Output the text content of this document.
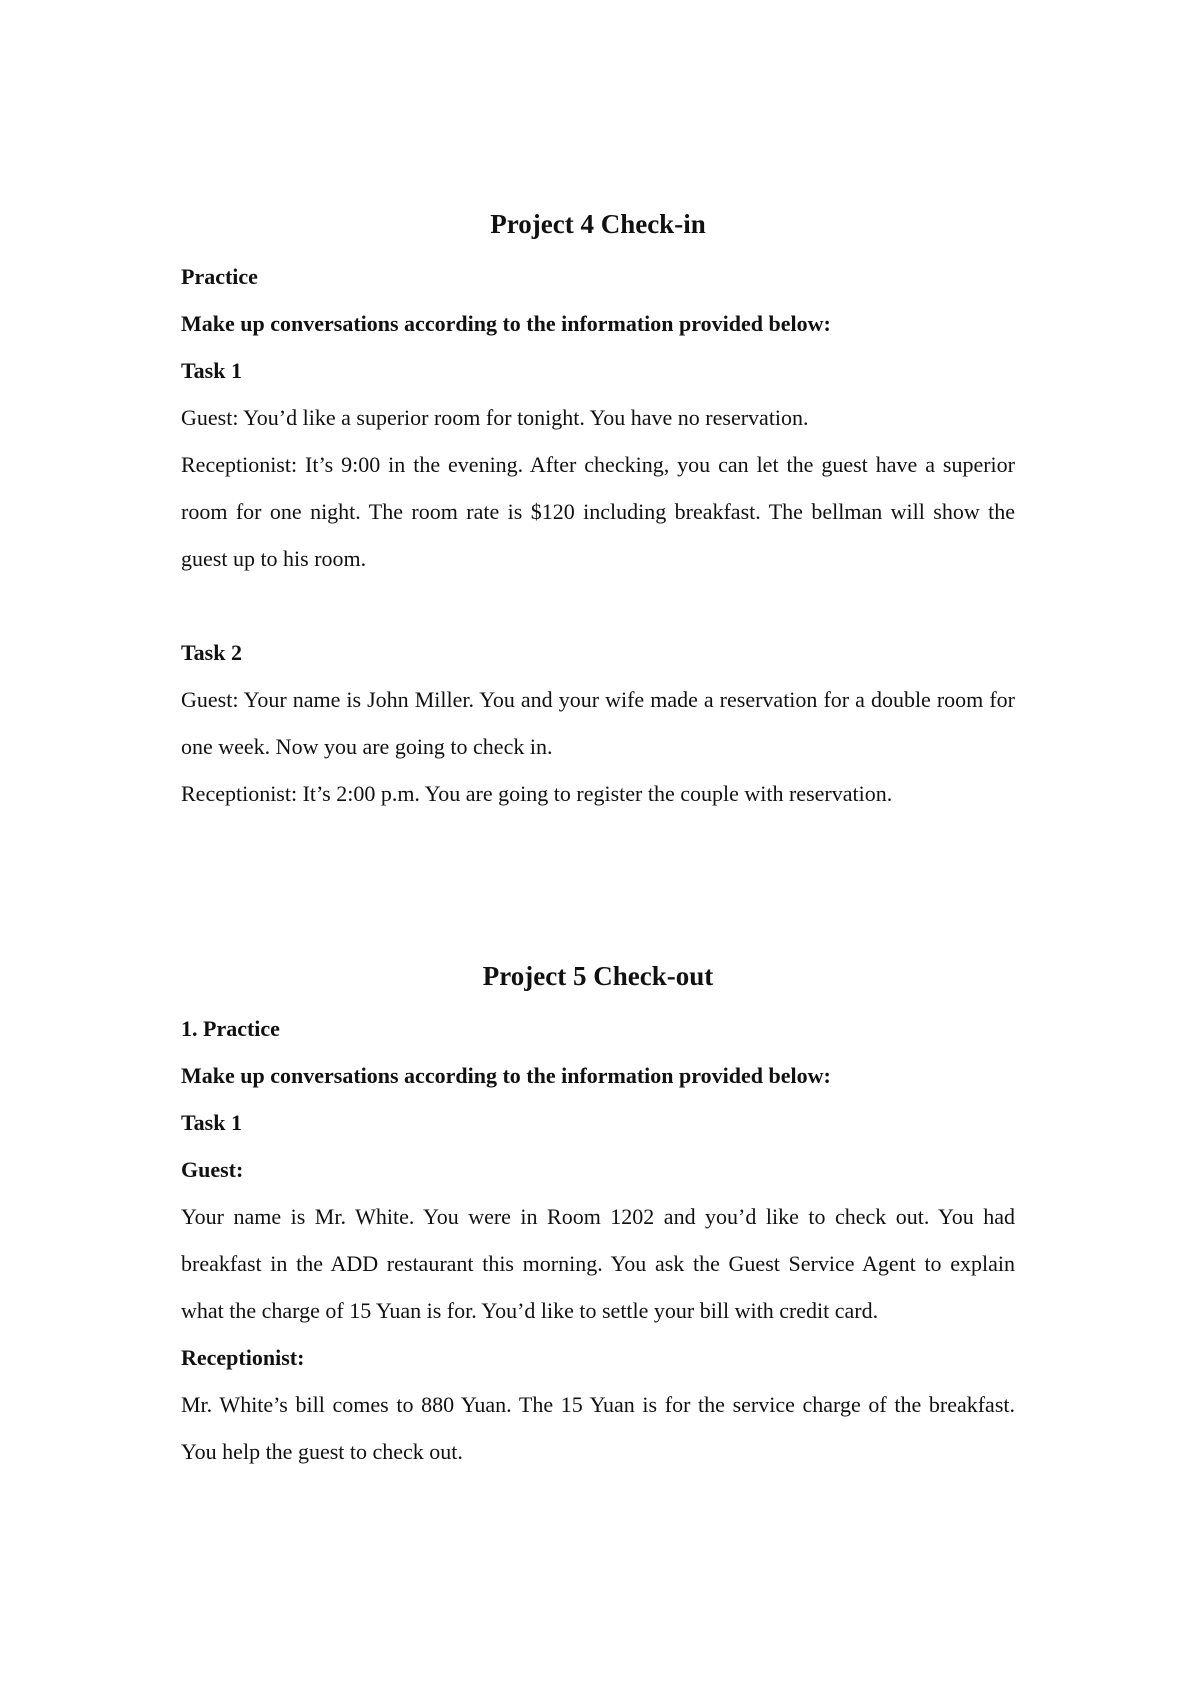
Project 4 Check-in

Practice

Make up conversations according to the information provided below:

Task 1

Guest: You’d like a superior room for tonight. You have no reservation.

Receptionist: It’s 9:00 in the evening. After checking, you can let the guest have a superior room for one night. The room rate is $120 including breakfast. The bellman will show the guest up to his room.

Task 2

Guest: Your name is John Miller. You and your wife made a reservation for a double room for one week. Now you are going to check in.

Receptionist: It’s 2:00 p.m. You are going to register the couple with reservation.

Project 5 Check-out

1. Practice

Make up conversations according to the information provided below:

Task 1

Guest:

Your name is Mr. White. You were in Room 1202 and you’d like to check out. You had breakfast in the ADD restaurant this morning. You ask the Guest Service Agent to explain what the charge of 15 Yuan is for. You’d like to settle your bill with credit card.

Receptionist:

Mr. White’s bill comes to 880 Yuan. The 15 Yuan is for the service charge of the breakfast. You help the guest to check out.
